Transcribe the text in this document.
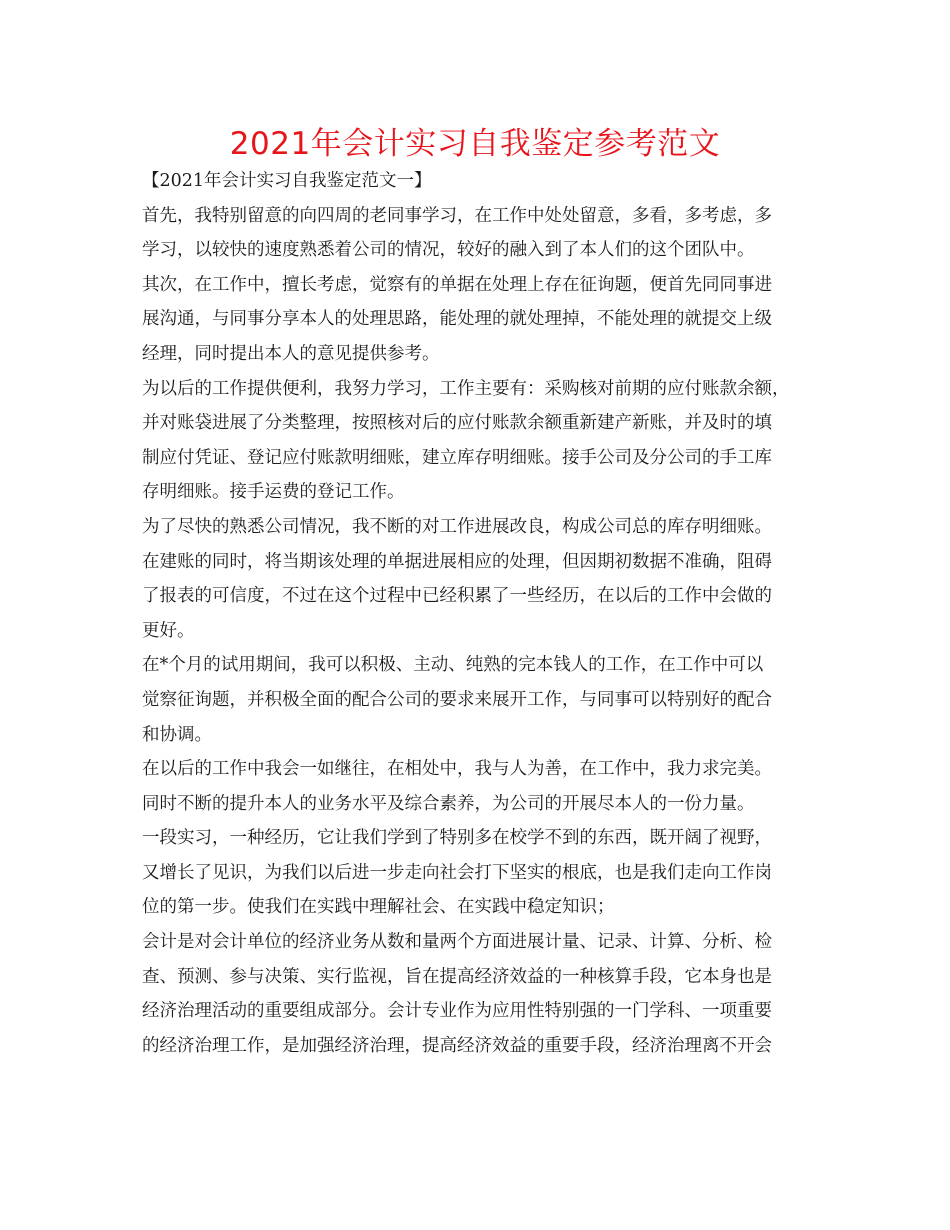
2021年会计实习自我鉴定参考范文
【2021年会计实习自我鉴定范文一】
首先，我特别留意的向四周的老同事学习，在工作中处处留意，多看，多考虑，多
学习，以较快的速度熟悉着公司的情况，较好的融入到了本人们的这个团队中。
其次，在工作中，擅长考虑，觉察有的单据在处理上存在征询题，便首先同同事进
展沟通，与同事分享本人的处理思路，能处理的就处理掉，不能处理的就提交上级
经理，同时提出本人的意见提供参考。
为以后的工作提供便利，我努力学习，工作主要有：采购核对前期的应付账款余额，
并对账袋进展了分类整理，按照核对后的应付账款余额重新建产新账，并及时的填
制应付凭证、登记应付账款明细账，建立库存明细账。接手公司及分公司的手工库
存明细账。接手运费的登记工作。
为了尽快的熟悉公司情况，我不断的对工作进展改良，构成公司总的库存明细账。
在建账的同时，将当期该处理的单据进展相应的处理，但因期初数据不准确，阻碍
了报表的可信度，不过在这个过程中已经积累了一些经历，在以后的工作中会做的
更好。
在*个月的试用期间，我可以积极、主动、纯熟的完本钱人的工作，在工作中可以
觉察征询题，并积极全面的配合公司的要求来展开工作，与同事可以特别好的配合
和协调。
在以后的工作中我会一如继往，在相处中，我与人为善，在工作中，我力求完美。
同时不断的提升本人的业务水平及综合素养，为公司的开展尽本人的一份力量。
一段实习，一种经历，它让我们学到了特别多在校学不到的东西，既开阔了视野，
又增长了见识，为我们以后进一步走向社会打下坚实的根底，也是我们走向工作岗
位的第一步。使我们在实践中理解社会、在实践中稳定知识；
会计是对会计单位的经济业务从数和量两个方面进展计量、记录、计算、分析、检
查、预测、参与决策、实行监视，旨在提高经济效益的一种核算手段，它本身也是
经济治理活动的重要组成部分。会计专业作为应用性特别强的一门学科、一项重要
的经济治理工作，是加强经济治理，提高经济效益的重要手段，经济治理离不开会
